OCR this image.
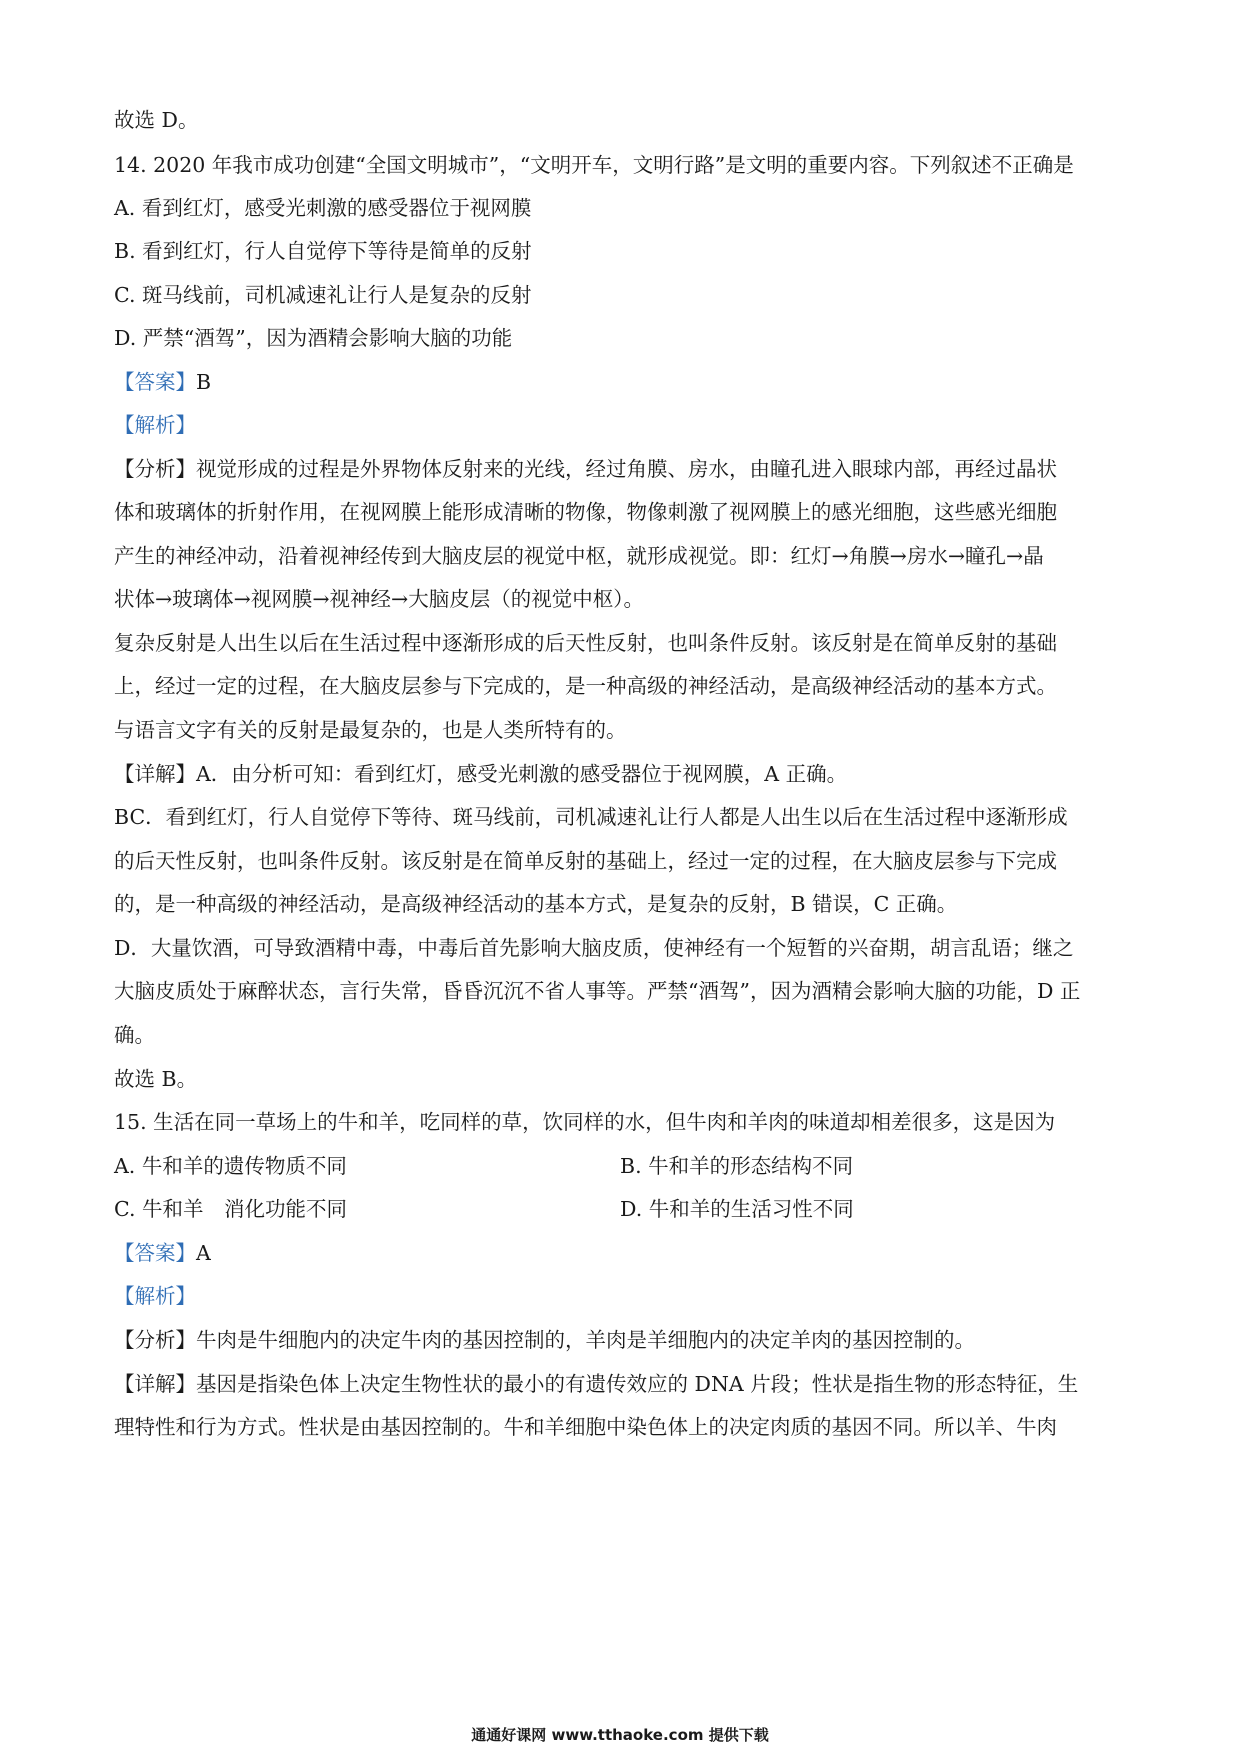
故选 D。
14. 2020 年我市成功创建“全国文明城市”，“文明开车，文明行路”是文明的重要内容。下列叙述不正确是
A. 看到红灯，感受光刺激的感受器位于视网膜
B. 看到红灯，行人自觉停下等待是简单的反射
C. 斑马线前，司机减速礼让行人是复杂的反射
D. 严禁“酒驾”，因为酒精会影响大脑的功能
【答案】B
【解析】
【分析】视觉形成的过程是外界物体反射来的光线，经过角膜、房水，由瞳孔进入眼球内部，再经过晶状
体和玻璃体的折射作用，在视网膜上能形成清晰的物像，物像刺激了视网膜上的感光细胞，这些感光细胞
产生的神经冲动，沿着视神经传到大脑皮层的视觉中枢，就形成视觉。即：红灯→角膜→房水→瞳孔→晶
状体→玻璃体→视网膜→视神经→大脑皮层（的视觉中枢）。
复杂反射是人出生以后在生活过程中逐渐形成的后天性反射，也叫条件反射。该反射是在简单反射的基础
上，经过一定的过程，在大脑皮层参与下完成的，是一种高级的神经活动，是高级神经活动的基本方式。
与语言文字有关的反射是最复杂的，也是人类所特有的。
【详解】A．由分析可知：看到红灯，感受光刺激的感受器位于视网膜，A 正确。
BC．看到红灯，行人自觉停下等待、斑马线前，司机减速礼让行人都是人出生以后在生活过程中逐渐形成
的后天性反射，也叫条件反射。该反射是在简单反射的基础上，经过一定的过程，在大脑皮层参与下完成
的，是一种高级的神经活动，是高级神经活动的基本方式，是复杂的反射，B 错误，C 正确。
D．大量饮酒，可导致酒精中毒，中毒后首先影响大脑皮质，使神经有一个短暂的兴奋期，胡言乱语；继之
大脑皮质处于麻醉状态，言行失常，昏昏沉沉不省人事等。严禁“酒驾”，因为酒精会影响大脑的功能，D 正
确。
故选 B。
15. 生活在同一草场上的牛和羊，吃同样的草，饮同样的水，但牛肉和羊肉的味道却相差很多，这是因为
A. 牛和羊的遗传物质不同	B. 牛和羊的形态结构不同
C. 牛和羊　消化功能不同	D. 牛和羊的生活习性不同
【答案】A
【解析】
【分析】牛肉是牛细胞内的决定牛肉的基因控制的，羊肉是羊细胞内的决定羊肉的基因控制的。
【详解】基因是指染色体上决定生物性状的最小的有遗传效应的 DNA 片段；性状是指生物的形态特征，生
理特性和行为方式。性状是由基因控制的。牛和羊细胞中染色体上的决定肉质的基因不同。所以羊、牛肉
通通好课网 www.tthaoke.com 提供下载
